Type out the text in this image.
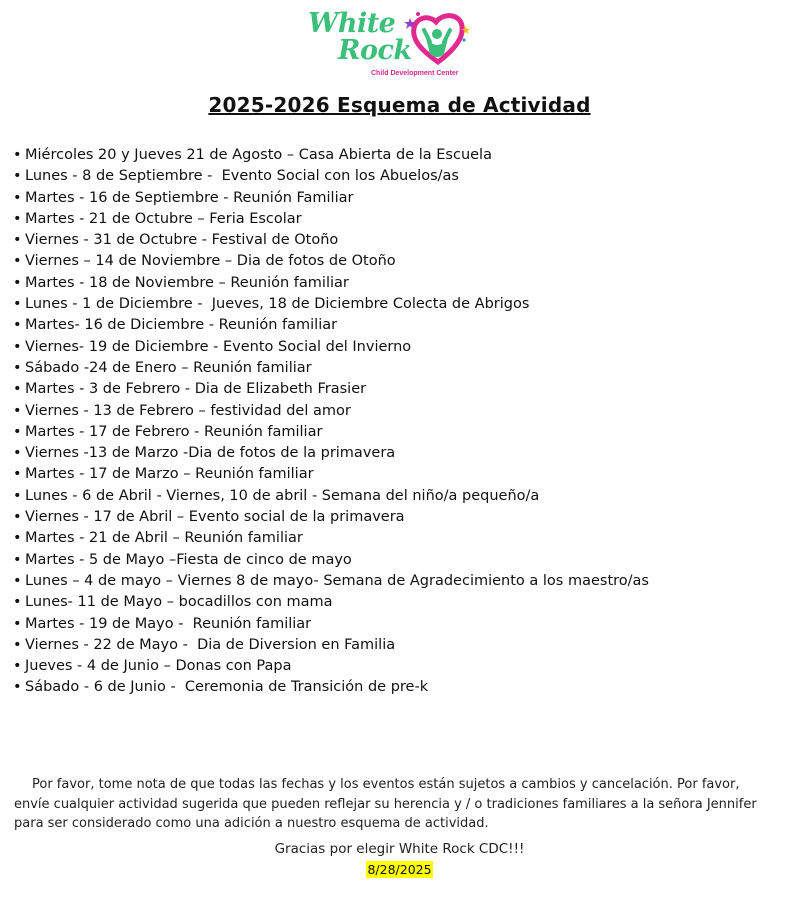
White
Rock
Child Development Center
2025-2026 Esquema de Actividad
• Miércoles 20 y Jueves 21 de Agosto – Casa Abierta de la Escuela
• Lunes - 8 de Septiembre -  Evento Social con los Abuelos/as
• Martes - 16 de Septiembre - Reunión Familiar
• Martes - 21 de Octubre – Feria Escolar
• Viernes - 31 de Octubre - Festival de Otoño
• Viernes – 14 de Noviembre – Dia de fotos de Otoño
• Martes - 18 de Noviembre – Reunión familiar
• Lunes - 1 de Diciembre -  Jueves, 18 de Diciembre Colecta de Abrigos
• Martes- 16 de Diciembre - Reunión familiar
• Viernes- 19 de Diciembre - Evento Social del Invierno
• Sábado -24 de Enero – Reunión familiar
• Martes - 3 de Febrero - Dia de Elizabeth Frasier
• Viernes - 13 de Febrero – festividad del amor
• Martes - 17 de Febrero - Reunión familiar
• Viernes -13 de Marzo -Dia de fotos de la primavera
• Martes - 17 de Marzo – Reunión familiar
• Lunes - 6 de Abril - Viernes, 10 de abril - Semana del niño/a pequeño/a
• Viernes - 17 de Abril – Evento social de la primavera
• Martes - 21 de Abril – Reunión familiar
• Martes - 5 de Mayo –Fiesta de cinco de mayo
• Lunes – 4 de mayo – Viernes 8 de mayo- Semana de Agradecimiento a los maestro/as
• Lunes- 11 de Mayo – bocadillos con mama
• Martes - 19 de Mayo -  Reunión familiar
• Viernes - 22 de Mayo -  Dia de Diversion en Familia
• Jueves - 4 de Junio – Donas con Papa
• Sábado - 6 de Junio -  Ceremonia de Transición de pre-k

Por favor, tome nota de que todas las fechas y los eventos están sujetos a cambios y cancelación. Por favor, envíe cualquier actividad sugerida que pueden reflejar su herencia y / o tradiciones familiares a la señora Jennifer para ser considerado como una adición a nuestro esquema de actividad.

Gracias por elegir White Rock CDC!!!
8/28/2025
